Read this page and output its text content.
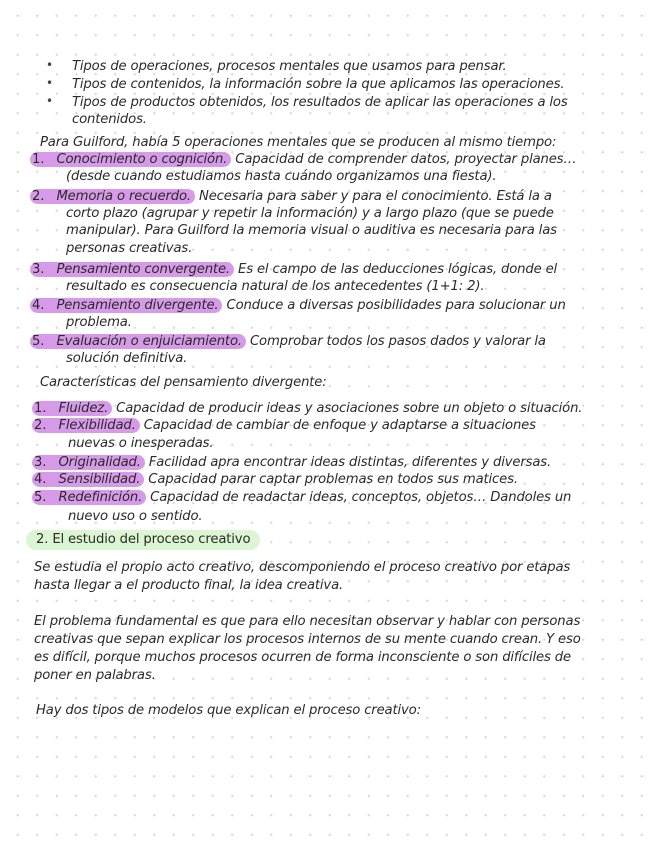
• Tipos de operaciones, procesos mentales que usamos para pensar.
• Tipos de contenidos, la información sobre la que aplicamos las operaciones.
• Tipos de productos obtenidos, los resultados de aplicar las operaciones a los
contenidos.
Para Guilford, había 5 operaciones mentales que se producen al mismo tiempo:
1. Conocimiento o cognición. Capacidad de comprender datos, proyectar planes…
(desde cuando estudiamos hasta cuándo organizamos una fiesta).
2. Memoria o recuerdo. Necesaria para saber y para el conocimiento. Está la a
corto plazo (agrupar y repetir la información) y a largo plazo (que se puede
manipular). Para Guilford la memoria visual o auditiva es necesaria para las
personas creativas.
3. Pensamiento convergente. Es el campo de las deducciones lógicas, donde el
resultado es consecuencia natural de los antecedentes (1+1: 2).
4. Pensamiento divergente. Conduce a diversas posibilidades para solucionar un
problema.
5. Evaluación o enjuiciamiento. Comprobar todos los pasos dados y valorar la
solución definitiva.
Características del pensamiento divergente:
1. Fluidez. Capacidad de producir ideas y asociaciones sobre un objeto o situación.
2. Flexibilidad. Capacidad de cambiar de enfoque y adaptarse a situaciones
nuevas o inesperadas.
3. Originalidad. Facilidad apra encontrar ideas distintas, diferentes y diversas.
4. Sensibilidad. Capacidad parar captar problemas en todos sus matices.
5. Redefinición. Capacidad de readactar ideas, conceptos, objetos… Dandoles un
nuevo uso o sentido.
2. El estudio del proceso creativo
Se estudia el propio acto creativo, descomponiendo el proceso creativo por etapas
hasta llegar a el producto final, la idea creativa.
El problema fundamental es que para ello necesitan observar y hablar con personas
creativas que sepan explicar los procesos internos de su mente cuando crean. Y eso
es difícil, porque muchos procesos ocurren de forma inconsciente o son difíciles de
poner en palabras.
Hay dos tipos de modelos que explican el proceso creativo:
